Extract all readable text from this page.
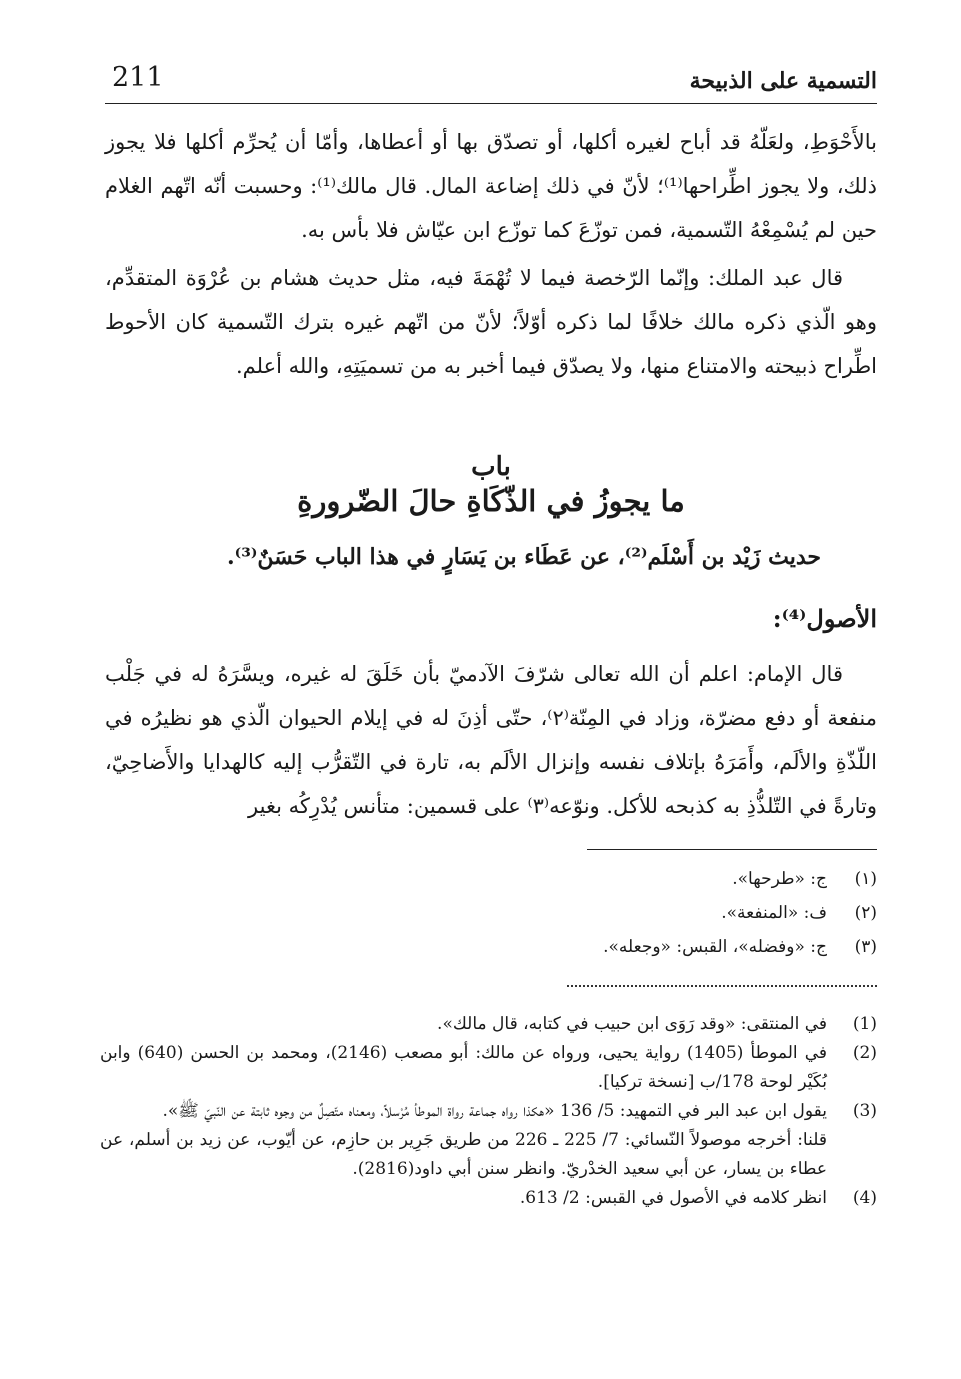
211	التسمية على الذبيحة

بالأَحْوَطِ، ولعَلّهُ قد أباح لغيره أكلها، أو تصدّق بها أو أعطاها، وأمّا أن يُحرِّم أكلها فلا يجوز ذلك، ولا يجوز اطِّراحها⁽¹⁾؛ لأنّ في ذلك إضاعة المال. قال مالك⁽¹⁾: وحسبت أنّه اتّهم الغلام حين لم يُسْمِعْهُ التّسمية، فمن توزّعَ كما توزّع ابن عيّاش فلا بأس به.

قال عبد الملك: وإنّما الرّخصة فيما لا تُهْمَةَ فيه، مثل حديث هشام بن عُرْوَة المتقدِّم، وهو الّذي ذكره مالك خلافًا لما ذكره أوّلاً؛ لأنّ من اتّهم غيره بترك التّسمية كان الأحوط اطِّراح ذبيحته والامتناع منها، ولا يصدّق فيما أخبر به من تسميَتِهِ، والله أعلم.

باب
ما يجوزُ في الذّكَاةِ حالَ الضّرورةِ
حديث زَيْد بن أَسْلَم⁽²⁾، عن عَطَاء بن يَسَارٍ في هذا الباب حَسَنٌ⁽³⁾.
الأصول⁽⁴⁾:
قال الإمام: اعلم أن الله تعالى شرّفَ الآدميّ بأن خَلَقَ له غيره، ويسَّرَهُ له في جَلْب منفعة أو دفع مضرّة، وزاد في المِنّة⁽٢⁾، حتّى أذِنَ له في إيلام الحيوان الّذي هو نظيرُه في اللّذّةِ والألَم، وأَمَرَهُ بإتلاف نفسه وإنزال الألَم به، تارة في التّقرُّب إليه كالهدايا والأَضاحِيّ، وتارةً في التّلذُّذِ به كذبحه للأكل. ونوّعه⁽٣⁾ على قسمين: متأنس يُدْرِكُه بغير
(١)
ج: «طرحها».
(٢)
ف: «المنفعة».
(٣)
ج: «وفضله»، القبس: «وجعله».
(1)
في المنتقى: «وقد رَوَى ابن حبيب في كتابه، قال مالك».
(2)
في الموطأ (1405) رواية يحيى، ورواه عن مالك: أبو مصعب (2146)، ومحمد بن الحسن (640) وابن بُكَيْر لوحة 178/ب [نسخة تركيا].
(3)
يقول ابن عبد البر في التمهيد: 5/ 136 «هكذا رواه جماعة رواة الموطأ مُرْسلاً، ومعناه متّصِلٌ من وجوه ثابتة عن النّبيّ ﷺ».
قلنا: أخرجه موصولاً النّسائي: 7/ 225 ـ 226 من طريق جَرِير بن حازِم، عن أيّوب، عن زيد بن أسلم، عن عطاء بن يسار، عن أبي سعيد الخدْريّ. وانظر سنن أبي داود(2816).
(4)
انظر كلامه في الأصول في القبس: 2/ 613.
